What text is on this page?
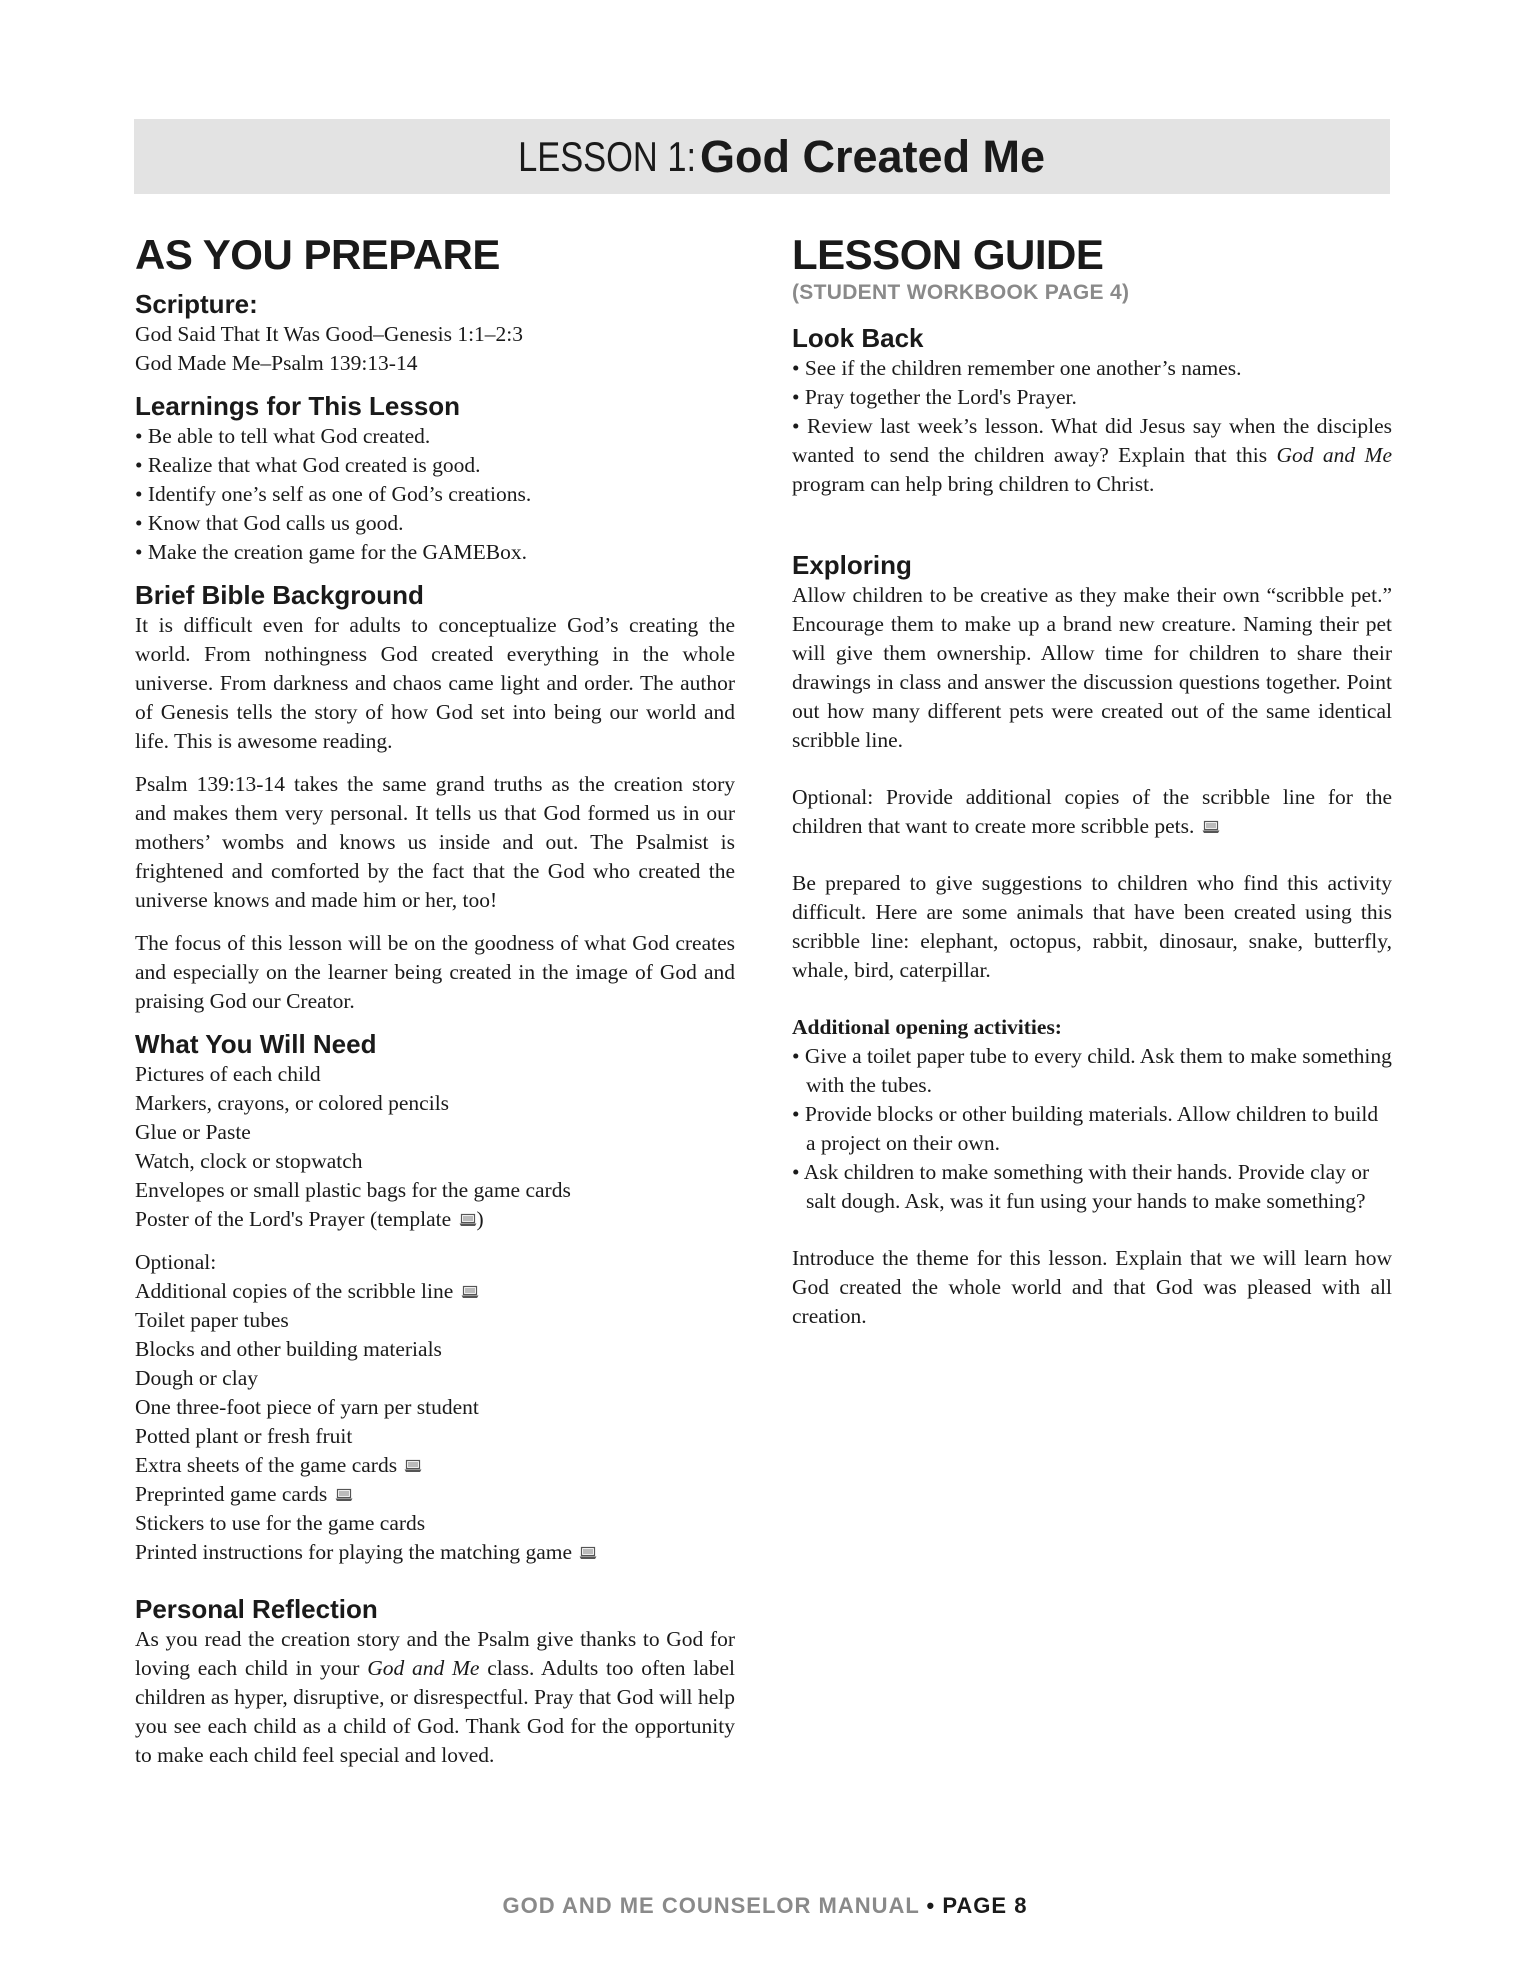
LESSON 1: God Created Me
AS YOU PREPARE
Scripture:

God Said That It Was Good–Genesis 1:1–2:3
God Made Me–Psalm 139:13-14

Learnings for This Lesson

• Be able to tell what God created.
• Realize that what God created is good.
• Identify one’s self as one of God’s creations.
• Know that God calls us good.
• Make the creation game for the GAMEBox.

Brief Bible Background

It is difficult even for adults to conceptualize God’s creating the world. From nothingness God created everything in the whole universe. From darkness and chaos came light and order. The author of Genesis tells the story of how God set into being our world and life. This is awesome reading.

Psalm 139:13-14 takes the same grand truths as the creation story and makes them very personal. It tells us that God formed us in our mothers’ wombs and knows us inside and out. The Psalmist is frightened and comforted by the fact that the God who created the universe knows and made him or her, too!

The focus of this lesson will be on the goodness of what God creates and especially on the learner being created in the image of God and praising God our Creator.

What You Will Need

Pictures of each child
Markers, crayons, or colored pencils
Glue or Paste
Watch, clock or stopwatch
Envelopes or small plastic bags for the game cards
Poster of the Lord's Prayer (template )

Optional:
Additional copies of the scribble line
Toilet paper tubes
Blocks and other building materials
Dough or clay
One three-foot piece of yarn per student
Potted plant or fresh fruit
Extra sheets of the game cards
Preprinted game cards
Stickers to use for the game cards
Printed instructions for playing the matching game

Personal Reflection

As you read the creation story and the Psalm give thanks to God for loving each child in your God and Me class. Adults too often label children as hyper, disruptive, or disrespectful. Pray that God will help you see each child as a child of God. Thank God for the opportunity to make each child feel special and loved.

LESSON GUIDE

(STUDENT WORKBOOK PAGE 4)

Look Back

• See if the children remember one another’s names.
• Pray together the Lord's Prayer.

• Review last week’s lesson. What did Jesus say when the disciples wanted to send the children away? Explain that this God and Me program can help bring children to Christ.

Exploring

Allow children to be creative as they make their own “scribble pet.” Encourage them to make up a brand new creature. Naming their pet will give them ownership. Allow time for children to share their drawings in class and answer the discussion questions together. Point out how many different pets were created out of the same identical scribble line.

Optional: Provide additional copies of the scribble line for the children that want to create more scribble pets.

Be prepared to give suggestions to children who find this activity difficult. Here are some animals that have been created using this scribble line: elephant, octopus, rabbit, dinosaur, snake, butterfly, whale, bird, caterpillar.

Additional opening activities:

• Give a toilet paper tube to every child. Ask them to make something with the tubes.

• Provide blocks or other building materials. Allow children to build a project on their own.

• Ask children to make something with their hands. Provide clay or salt dough. Ask, was it fun using your hands to make something?

Introduce the theme for this lesson. Explain that we will learn how God created the whole world and that God was pleased with all creation.

GOD AND ME COUNSELOR MANUAL • PAGE 8
